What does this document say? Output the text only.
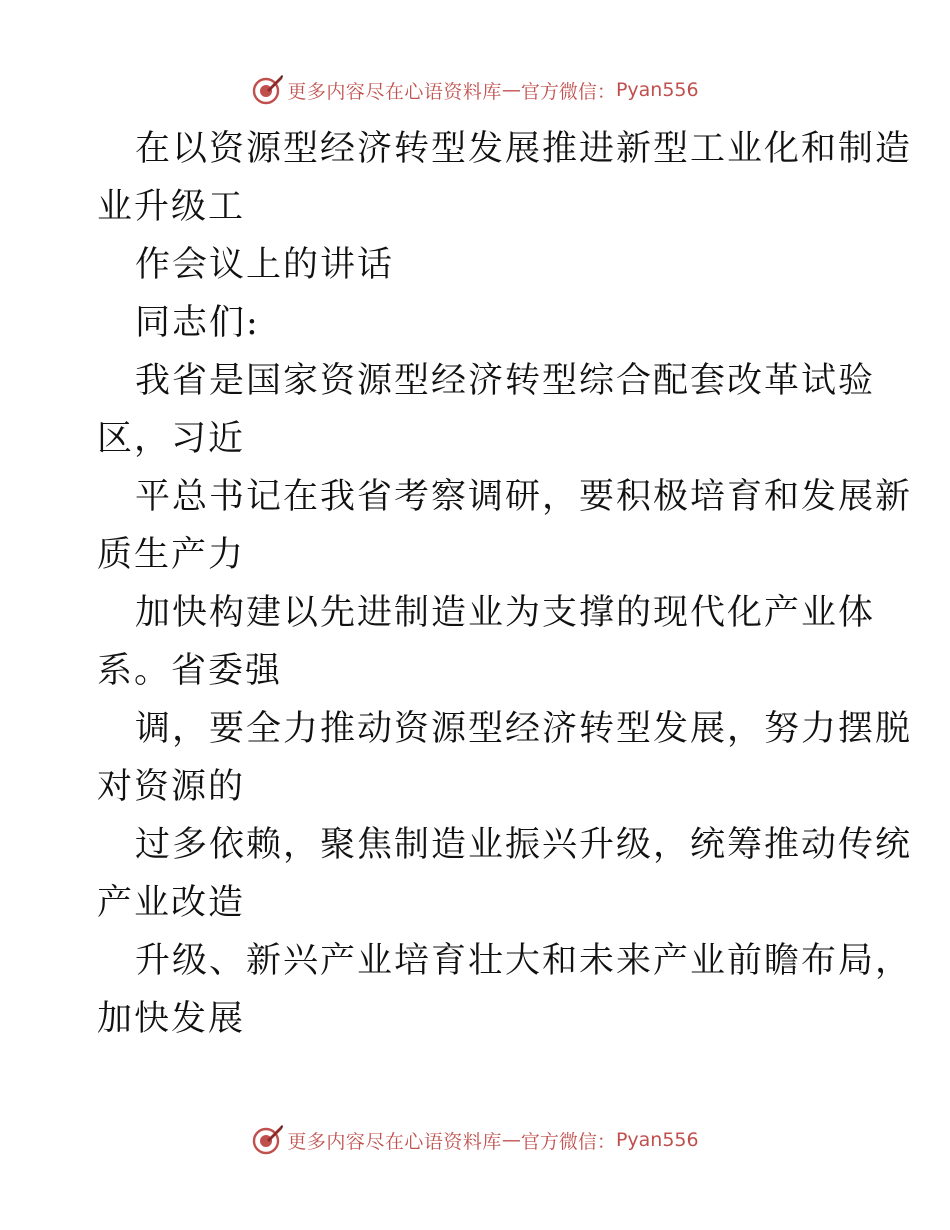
更多内容尽在心语资料库 — 官方微信： Pyan556
在以资源型经济转型发展推进新型工业化和制造
业升级工
作会议上的讲话
同志们:
我省是国家资源型经济转型综合配套改革试验
区，习近
平总书记在我省考察调研，要积极培育和发展新
质生产力
加快构建以先进制造业为支撑的现代化产业体
系。省委强
调，要全力推动资源型经济转型发展，努力摆脱
对资源的
过多依赖，聚焦制造业振兴升级，统筹推动传统
产业改造
升级、新兴产业培育壮大和未来产业前瞻布局，
加快发展
更多内容尽在心语资料库 — 官方微信： Pyan556
